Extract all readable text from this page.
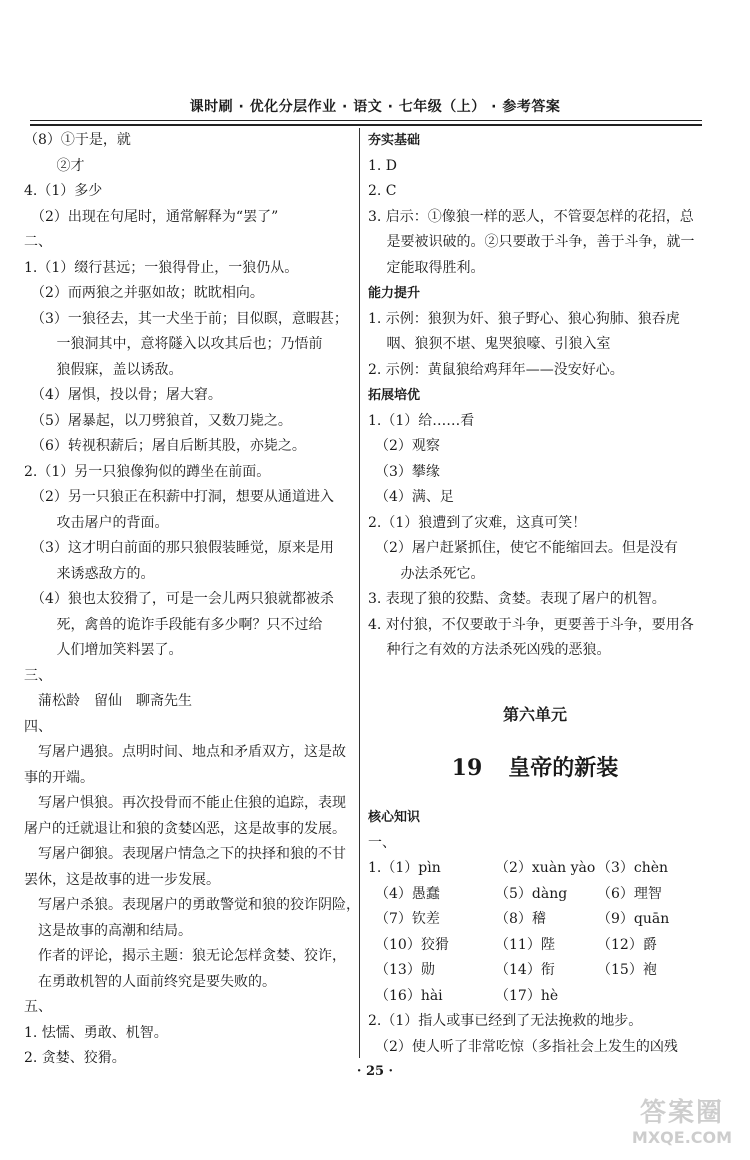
课时刷 · 优化分层作业 · 语文 · 七年级（上） · 参考答案
（8）①于是，就
　　 ②才
4.（1）多少
　（2）出现在句尾时，通常解释为“罢了”
二、
1.（1）缀行甚远；一狼得骨止，一狼仍从。
　（2）而两狼之并驱如故；眈眈相向。
　（3）一狼径去，其一犬坐于前；目似瞑，意暇甚；
　　 一狼洞其中，意将隧入以攻其后也；乃悟前
　　 狼假寐，盖以诱敌。
　（4）屠惧，投以骨；屠大窘。
　（5）屠暴起，以刀劈狼首，又数刀毙之。
　（6）转视积薪后；屠自后断其股，亦毙之。
2.（1）另一只狼像狗似的蹲坐在前面。
　（2）另一只狼正在积薪中打洞，想要从通道进入
　　 攻击屠户的背面。
　（3）这才明白前面的那只狼假装睡觉，原来是用
　　 来诱惑敌方的。
　（4）狼也太狡猾了，可是一会儿两只狼就都被杀
　　 死，禽兽的诡诈手段能有多少啊？只不过给
　　 人们增加笑料罢了。
三、
　蒲松龄　留仙　聊斋先生
四、
　写屠户遇狼。点明时间、地点和矛盾双方，这是故
事的开端。
　写屠户惧狼。再次投骨而不能止住狼的追踪，表现
屠户的迁就退让和狼的贪婪凶恶，这是故事的发展。
　写屠户御狼。表现屠户情急之下的抉择和狼的不甘
罢休，这是故事的进一步发展。
　写屠户杀狼。表现屠户的勇敢警觉和狼的狡诈阴险，
　这是故事的高潮和结局。
　作者的评论，揭示主题：狼无论怎样贪婪、狡诈，
　在勇敢机智的人面前终究是要失败的。
五、
1. 怯懦、勇敢、机智。
2. 贪婪、狡猾。
夯实基础
1. D
2. C
3. 启示：①像狼一样的恶人，不管耍怎样的花招，总
　 是要被识破的。②只要敢于斗争，善于斗争，就一
　 定能取得胜利。
能力提升
1. 示例：狼狈为奸、狼子野心、狼心狗肺、狼吞虎
　 咽、狼狈不堪、鬼哭狼嚎、引狼入室
2. 示例：黄鼠狼给鸡拜年——没安好心。
拓展培优
1.（1）给……看
　（2）观察
　（3）攀缘
　（4）满、足
2.（1）狼遭到了灾难，这真可笑！
　（2）屠户赶紧抓住，使它不能缩回去。但是没有
　　 办法杀死它。
3. 表现了狼的狡黠、贪婪。表现了屠户的机智。
4. 对付狼，不仅要敢于斗争，更要善于斗争，要用各
　 种行之有效的方法杀死凶残的恶狼。
第六单元
19 皇帝的新装
核心知识
一、
1.（1）pìn	（2）xuàn yào （3）chèn
　（4）愚蠢	（5）dàng	（6）理智
　（7）钦差	（8）稽	（9）quān
　（10）狡猾	（11）陛	（12）爵
　（13）勋	（14）衔	（15）袍
　（16）hài	（17）hè
2.（1）指人或事已经到了无法挽救的地步。
　（2）使人听了非常吃惊（多指社会上发生的凶残
· 25 ·
答案圈
MXQE.COM
